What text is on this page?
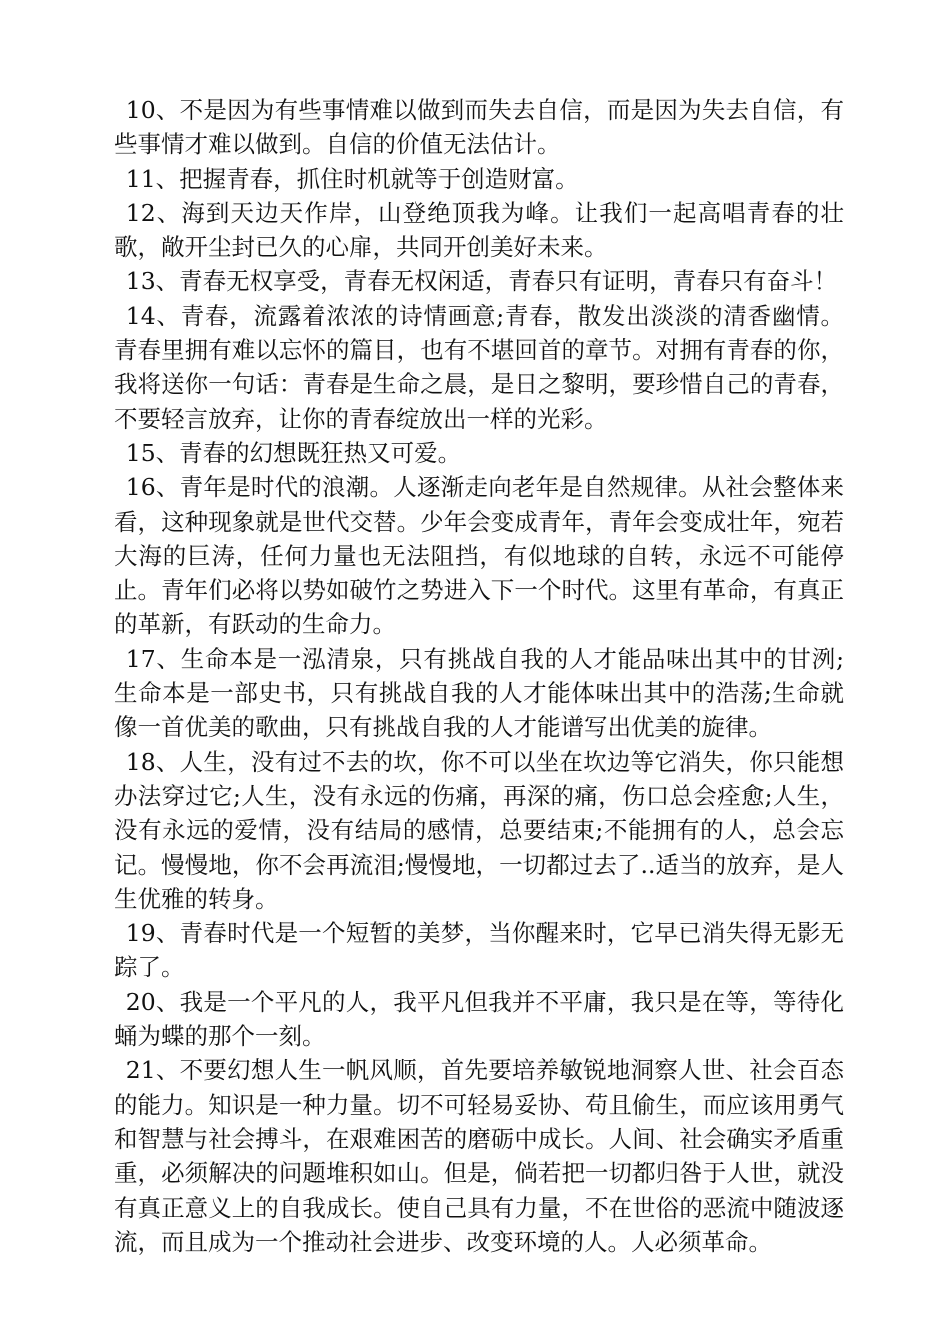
10、不是因为有些事情难以做到而失去自信，而是因为失去自信，有些事情才难以做到。自信的价值无法估计。

11、把握青春，抓住时机就等于创造财富。

12、海到天边天作岸，山登绝顶我为峰。让我们一起高唱青春的壮歌，敞开尘封已久的心扉，共同开创美好未来。

13、青春无权享受，青春无权闲适，青春只有证明，青春只有奋斗！

14、青春，流露着浓浓的诗情画意;青春，散发出淡淡的清香幽情。青春里拥有难以忘怀的篇目，也有不堪回首的章节。对拥有青春的你，我将送你一句话：青春是生命之晨，是日之黎明，要珍惜自己的青春，不要轻言放弃，让你的青春绽放出一样的光彩。

15、青春的幻想既狂热又可爱。

16、青年是时代的浪潮。人逐渐走向老年是自然规律。从社会整体来看，这种现象就是世代交替。少年会变成青年，青年会变成壮年，宛若大海的巨涛，任何力量也无法阻挡，有似地球的自转，永远不可能停止。青年们必将以势如破竹之势进入下一个时代。这里有革命，有真正的革新，有跃动的生命力。

17、生命本是一泓清泉，只有挑战自我的人才能品味出其中的甘洌;生命本是一部史书，只有挑战自我的人才能体味出其中的浩荡;生命就像一首优美的歌曲，只有挑战自我的人才能谱写出优美的旋律。

18、人生，没有过不去的坎，你不可以坐在坎边等它消失，你只能想办法穿过它;人生，没有永远的伤痛，再深的痛，伤口总会痊愈;人生，没有永远的爱情，没有结局的感情，总要结束;不能拥有的人，总会忘记。慢慢地，你不会再流泪;慢慢地，一切都过去了..适当的放弃，是人生优雅的转身。

19、青春时代是一个短暂的美梦，当你醒来时，它早已消失得无影无踪了。

20、我是一个平凡的人，我平凡但我并不平庸，我只是在等，等待化蛹为蝶的那个一刻。

21、不要幻想人生一帆风顺，首先要培养敏锐地洞察人世、社会百态的能力。知识是一种力量。切不可轻易妥协、苟且偷生，而应该用勇气和智慧与社会搏斗，在艰难困苦的磨砺中成长。人间、社会确实矛盾重重，必须解决的问题堆积如山。但是，倘若把一切都归咎于人世，就没有真正意义上的自我成长。使自己具有力量，不在世俗的恶流中随波逐流，而且成为一个推动社会进步、改变环境的人。人必须革命。
